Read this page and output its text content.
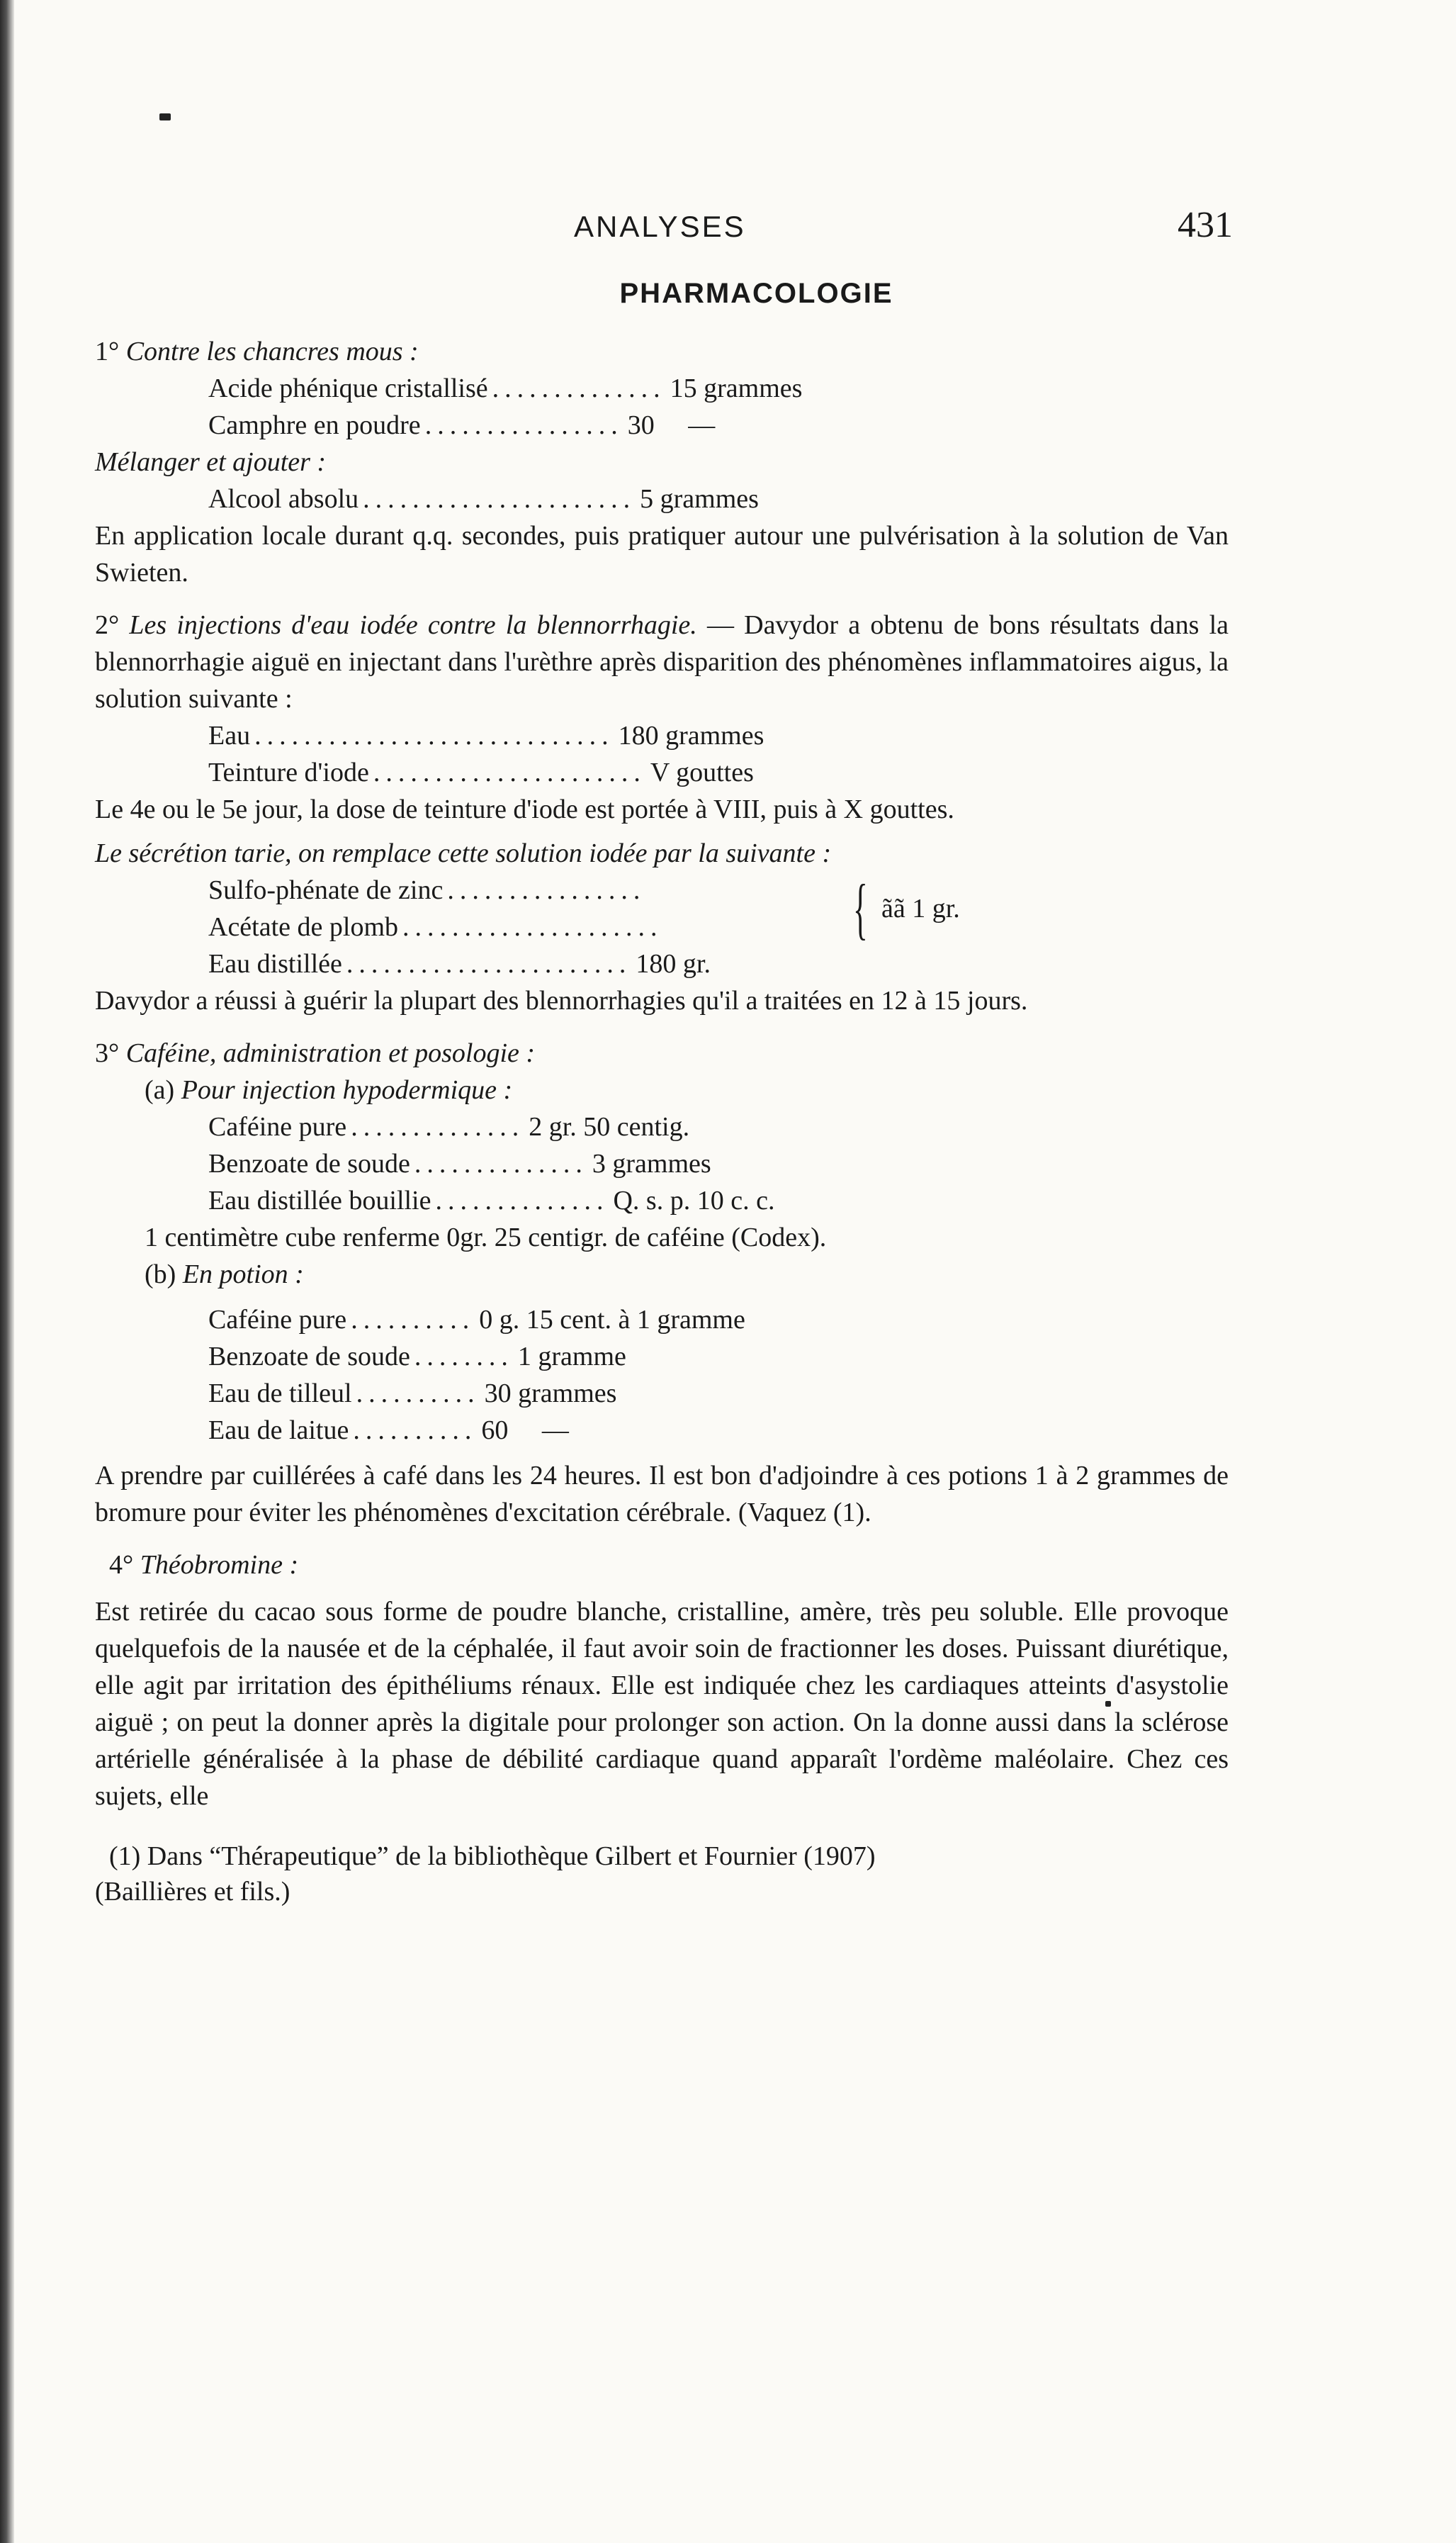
ANALYSES	431
PHARMACOLOGIE
1° Contre les chancres mous :
Acide phénique cristallisé .............. 15 grammes
Camphre en poudre ................ 30     —
Mélanger et ajouter :
Alcool absolu ...................... 5 grammes
En application locale durant q.q. secondes, puis pratiquer autour une pulvérisation à la solution de Van Swieten.
2° Les injections d'eau iodée contre la blennorrhagie. — Davydor a obtenu de bons résultats dans la blennorrhagie aiguë en injectant dans l'urèthre après disparition des phénomènes inflammatoires aigus, la solution suivante :
Eau ............................. 180 grammes
Teinture d'iode ...................... V gouttes
Le 4e ou le 5e jour, la dose de teinture d'iode est portée à VIII, puis à X gouttes.
Le sécrétion tarie, on remplace cette solution iodée par la suivante :
Sulfo-phénate de zinc ................
Acétate de plomb .....................	{ ãã 1 gr.
Eau distillée ....................... 180 gr.
Davydor a réussi à guérir la plupart des blennorrhagies qu'il a traitées en 12 à 15 jours.
3° Caféine, administration et posologie :
(a) Pour injection hypodermique :
Caféine pure .............. 2 gr. 50 centig.
Benzoate de soude .............. 3 grammes
Eau distillée bouillie .............. Q. s. p. 10 c. c.
1 centimètre cube renferme 0gr. 25 centigr. de caféine (Codex).
(b) En potion :
Caféine pure .......... 0 g. 15 cent. à 1 gramme
Benzoate de soude ........ 1 gramme
Eau de tilleul .......... 30 grammes
Eau de laitue .......... 60     —
A prendre par cuillérées à café dans les 24 heures. Il est bon d'adjoindre à ces potions 1 à 2 grammes de bromure pour éviter les phénomènes d'excitation cérébrale. (Vaquez (1).
4° Théobromine :
Est retirée du cacao sous forme de poudre blanche, cristalline, amère, très peu soluble. Elle provoque quelquefois de la nausée et de la céphalée, il faut avoir soin de fractionner les doses. Puissant diurétique, elle agit par irritation des épithéliums rénaux. Elle est indiquée chez les cardiaques atteints d'asystolie aiguë ; on peut la donner après la digitale pour prolonger son action. On la donne aussi dans la sclérose artérielle généralisée à la phase de débilité cardiaque quand apparaît l'ordème maléolaire. Chez ces sujets, elle
(1) Dans “Thérapeutique” de la bibliothèque Gilbert et Fournier (1907)
(Baillières et fils.)
